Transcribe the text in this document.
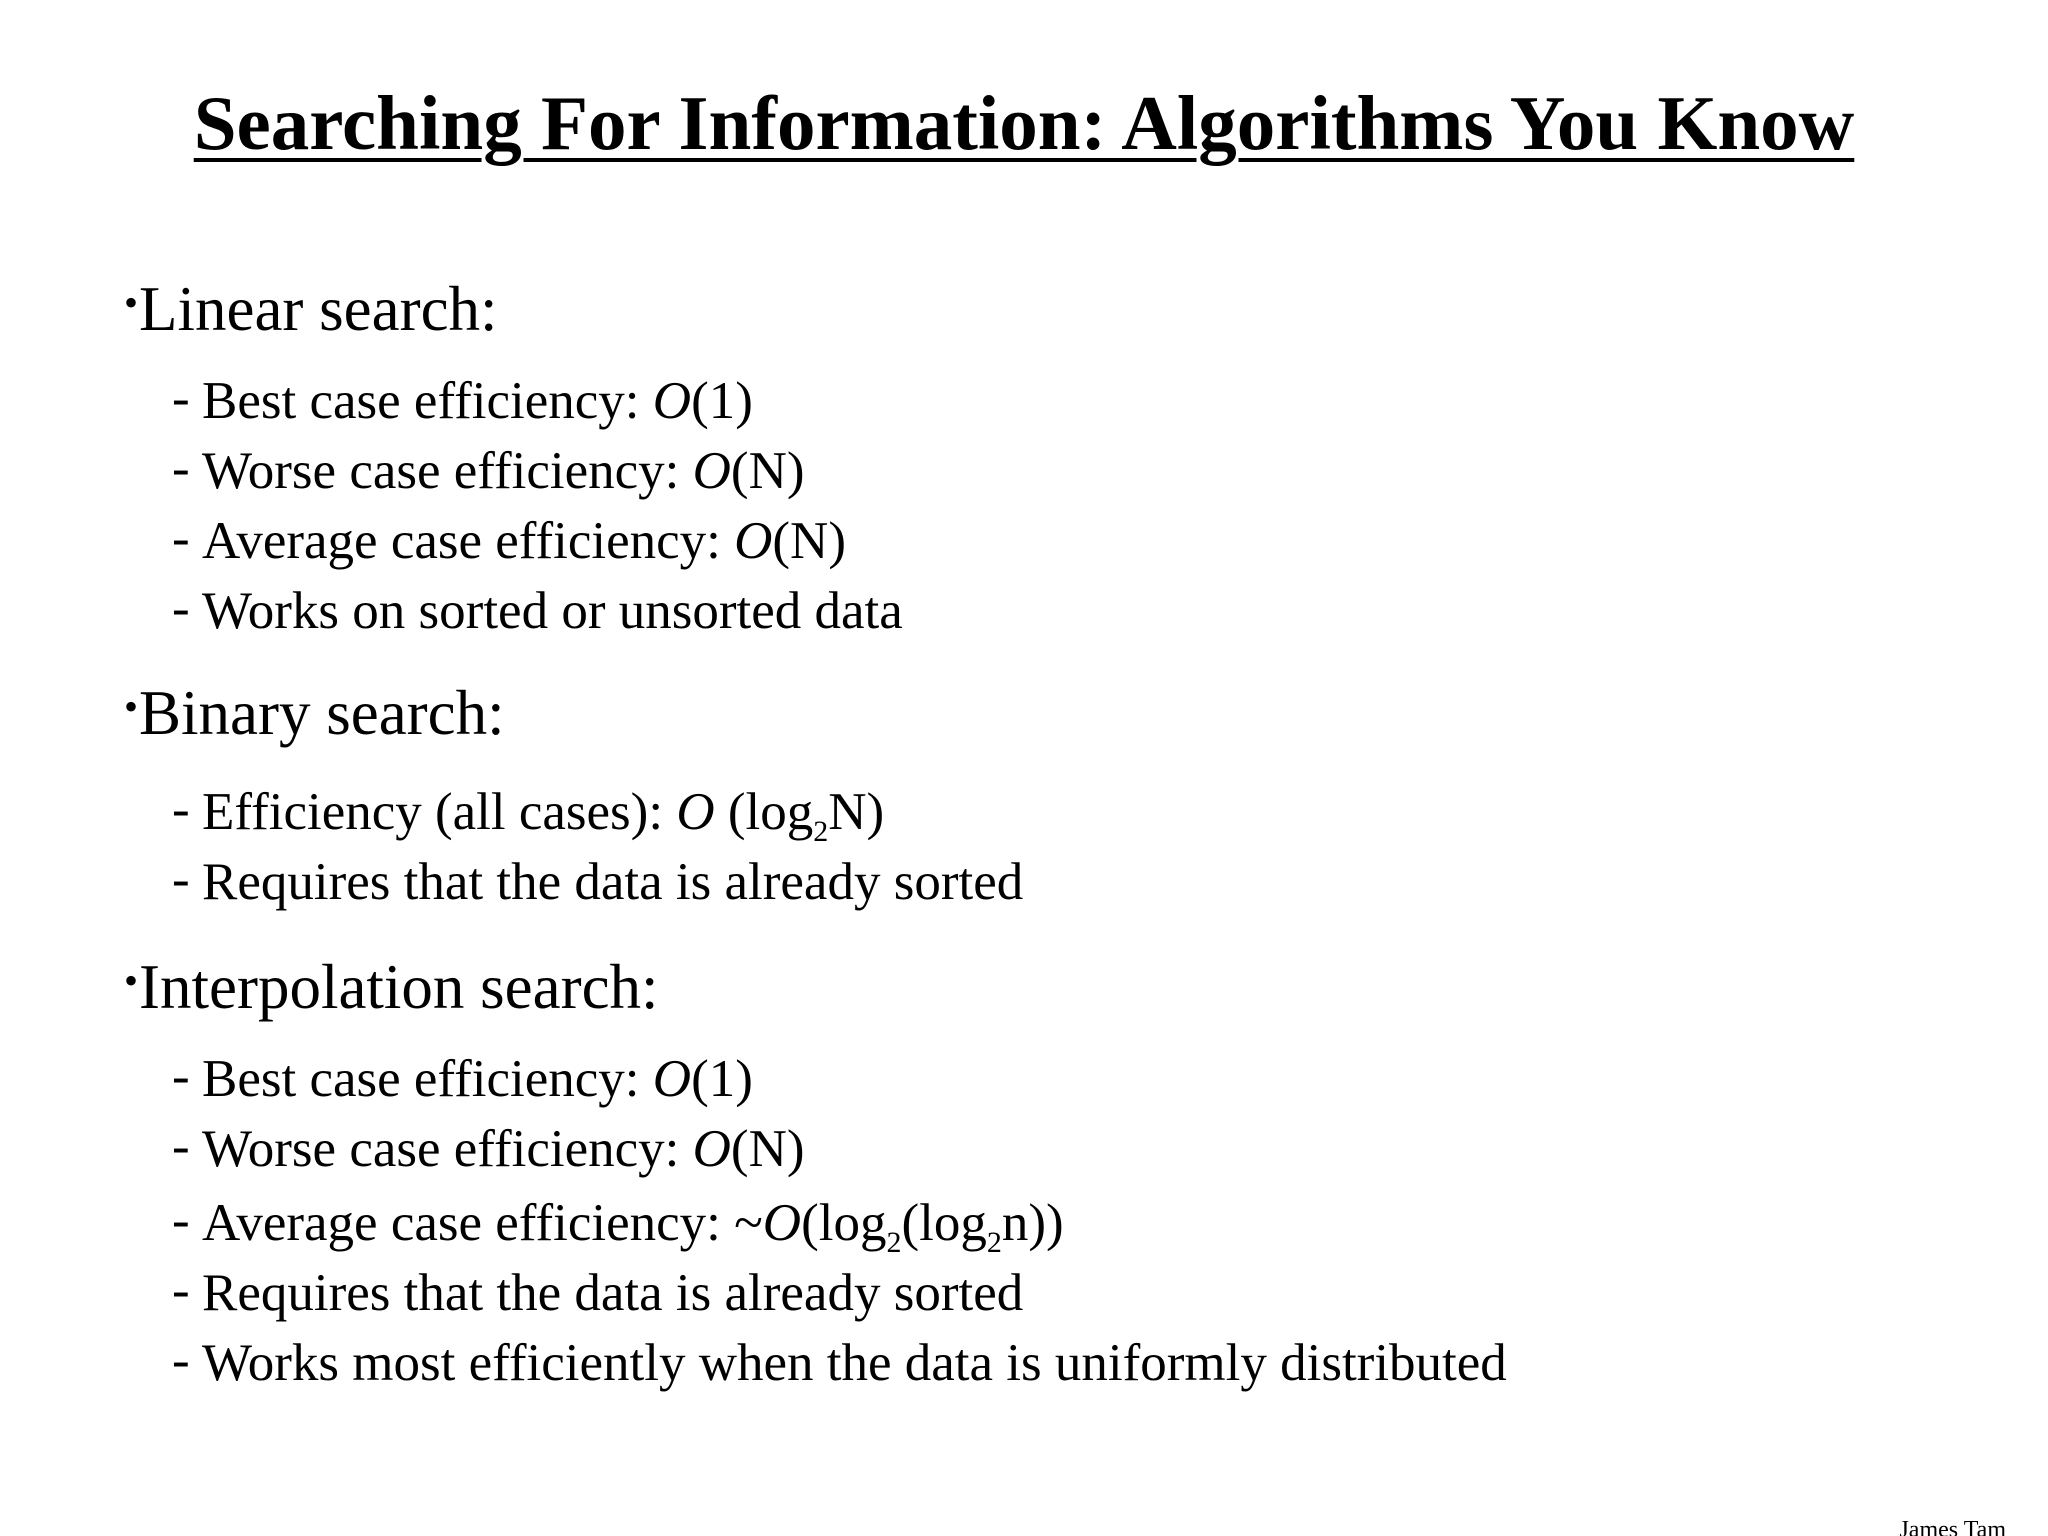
Searching For Information: Algorithms You Know
•Linear search:
- Best case efficiency: O(1)
- Worse case efficiency: O(N)
- Average case efficiency: O(N)
- Works on sorted or unsorted data
•Binary search:
- Efficiency (all cases): O $(\log_2N)$
- Requires that the data is already sorted
•Interpolation search:
- Best case efficiency: O(1)
- Worse case efficiency: O(N)
- Average case efficiency: $\sim O(\log_2(\log_2n))$
- Requires that the data is already sorted
- Works most efficiently when the data is uniformly distributed
James Tam
